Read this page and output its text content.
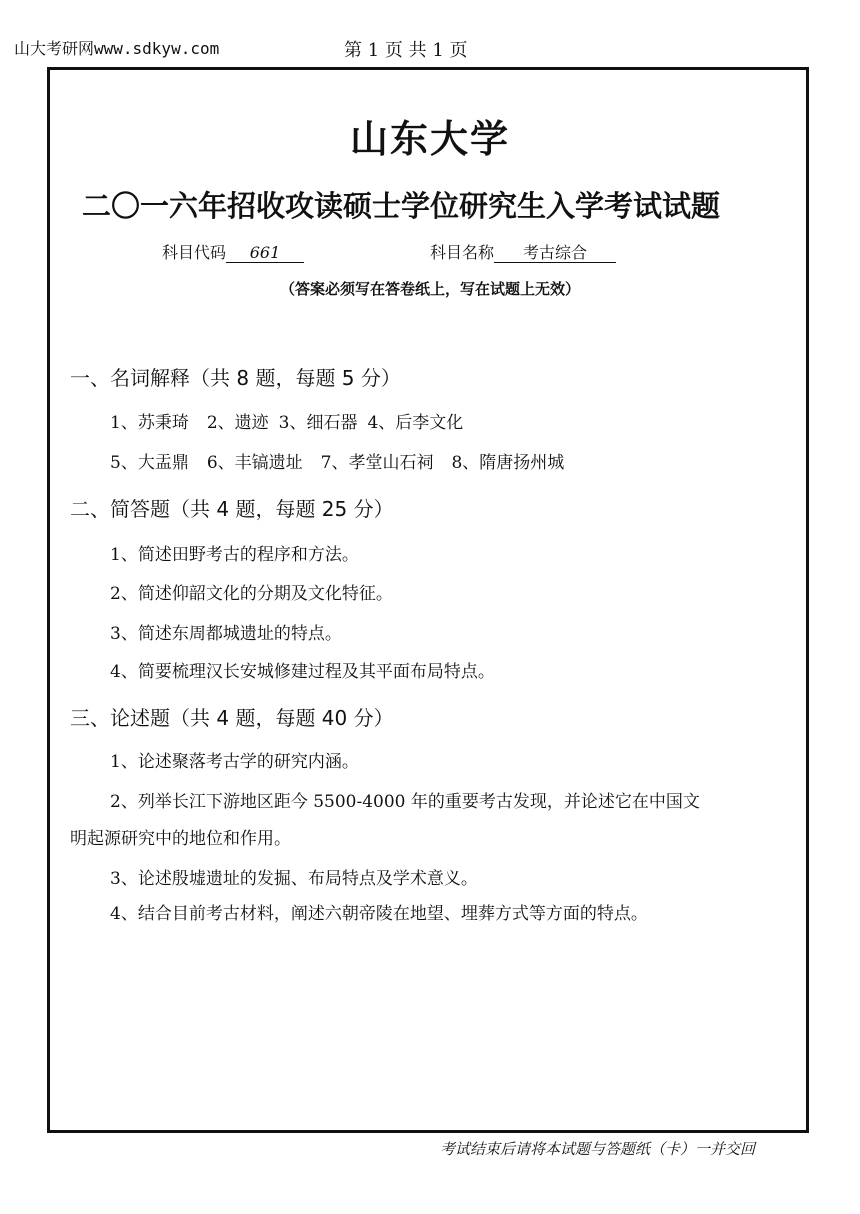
山大考研网www.sdkyw.com	第 1 页 共 1 页
山东大学
二〇一六年招收攻读硕士学位研究生入学考试试题
科目代码 661	科目名称 考古综合
（答案必须写在答卷纸上，写在试题上无效）
一、名词解释（共 8 题，每题 5 分）
1、苏秉琦 2、遗迹 3、细石器 4、后李文化
5、大盂鼎 6、丰镐遗址 7、孝堂山石祠 8、隋唐扬州城
二、简答题（共 4 题，每题 25 分）
1、简述田野考古的程序和方法。
2、简述仰韶文化的分期及文化特征。
3、简述东周都城遗址的特点。
4、简要梳理汉长安城修建过程及其平面布局特点。
三、论述题（共 4 题，每题 40 分）
1、论述聚落考古学的研究内涵。
2、列举长江下游地区距今 5500-4000 年的重要考古发现，并论述它在中国文
明起源研究中的地位和作用。
3、论述殷墟遗址的发掘、布局特点及学术意义。
4、结合目前考古材料，阐述六朝帝陵在地望、埋葬方式等方面的特点。
考试结束后请将本试题与答题纸（卡）一并交回
